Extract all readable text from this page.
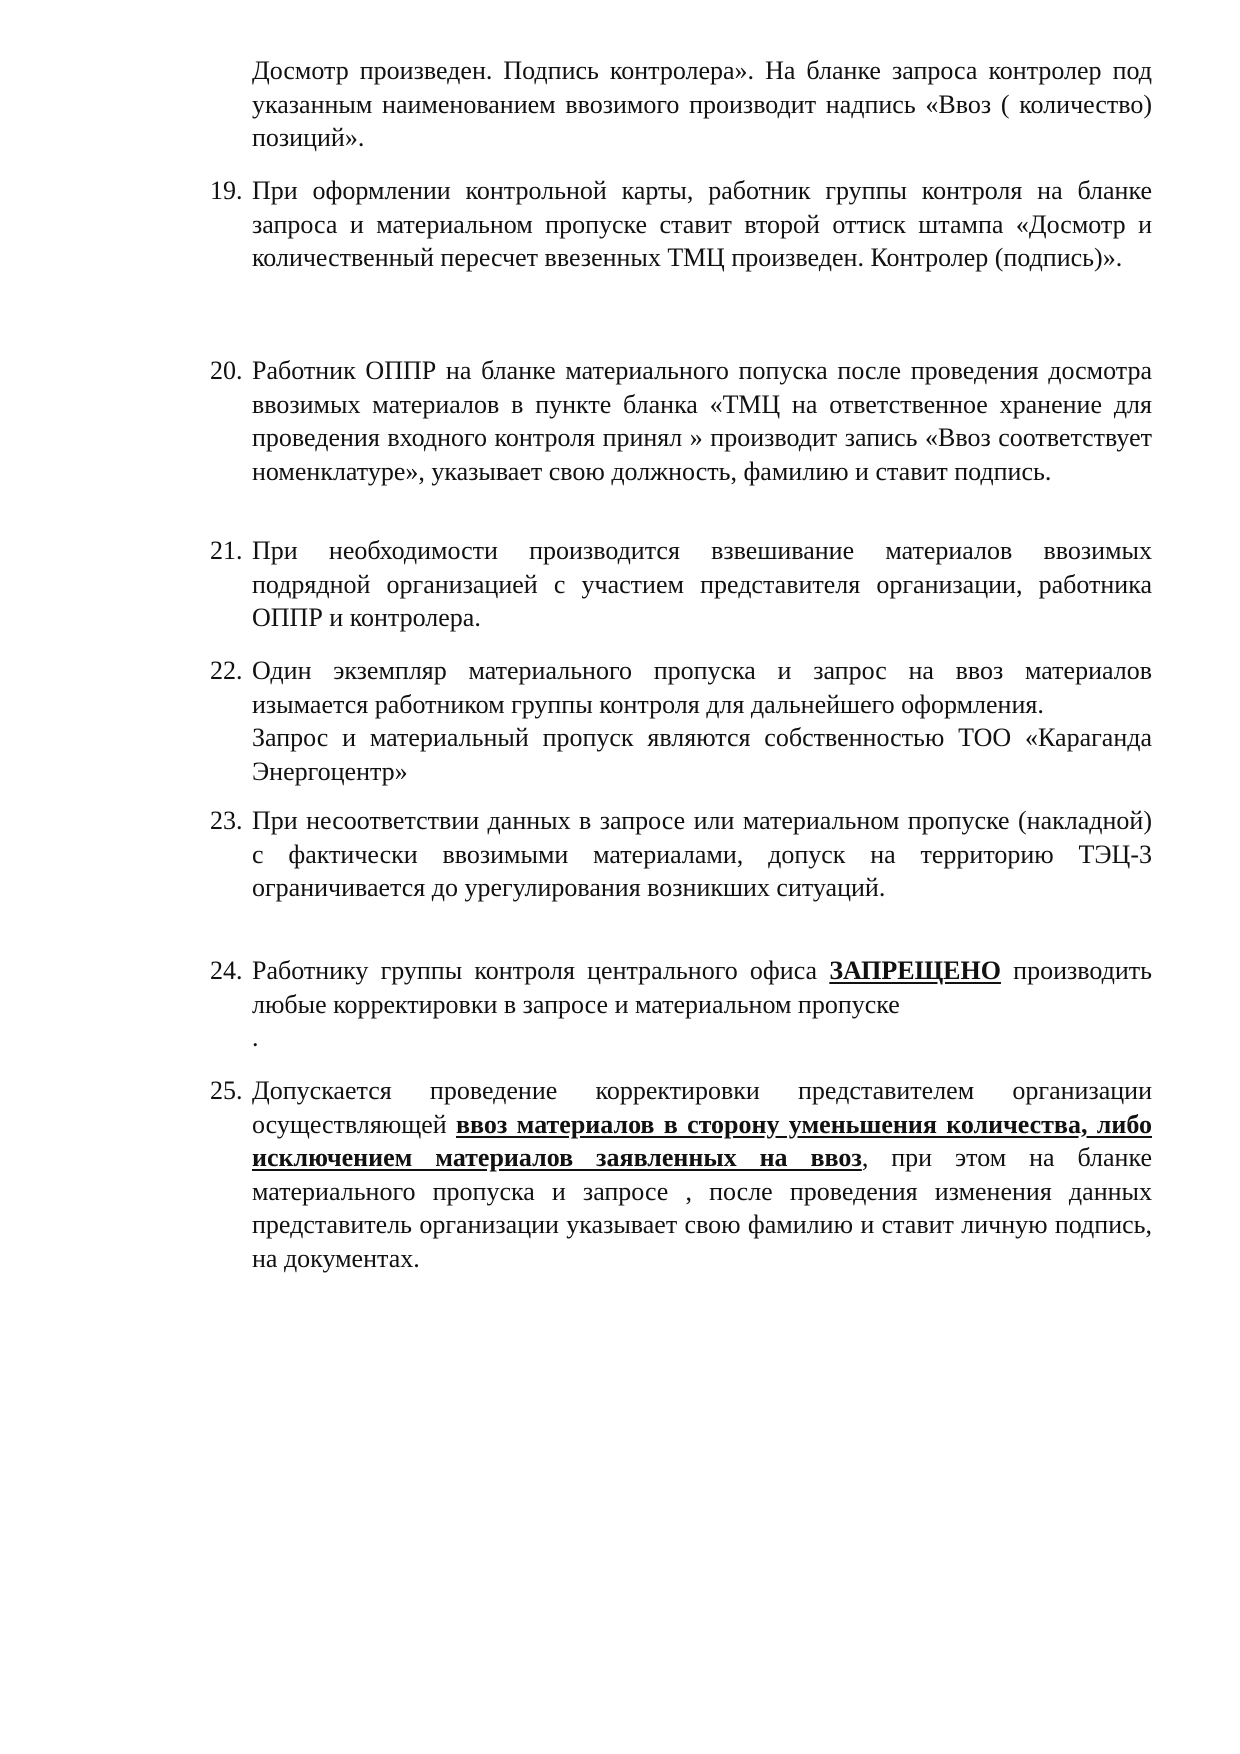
Досмотр произведен. Подпись контролера». На бланке запроса контролер под указанным наименованием ввозимого производит надпись «Ввоз ( количество) позиций».

19. При оформлении контрольной карты, работник группы контроля на бланке запроса и материальном пропуске ставит второй оттиск штампа «Досмотр и количественный пересчет ввезенных ТМЦ произведен. Контролер (подпись)».

20. Работник ОППР на бланке материального попуска после проведения досмотра ввозимых материалов в пункте бланка «ТМЦ на ответственное хранение для проведения входного контроля принял » производит запись «Ввоз соответствует номенклатуре», указывает свою должность, фамилию и ставит подпись.

21. При необходимости производится взвешивание материалов ввозимых подрядной организацией с участием представителя организации, работника ОППР и контролера.

22. Один экземпляр материального пропуска и запрос на ввоз материалов изымается работником группы контроля для дальнейшего оформления.

Запрос и материальный пропуск являются собственностью ТОО «Караганда Энергоцентр»

23. При несоответствии данных в запросе или материальном пропуске (накладной) с фактически ввозимыми материалами, допуск на территорию ТЭЦ-3 ограничивается до урегулирования возникших ситуаций.

24. Работнику группы контроля центрального офиса ЗАПРЕЩЕНО производить любые корректировки в запросе и материальном пропуске

.

25. Допускается проведение корректировки представителем организации осуществляющей ввоз материалов в сторону уменьшения количества, либо исключением материалов заявленных на ввоз, при этом на бланке материального пропуска и запросе , после проведения изменения данных представитель организации указывает свою фамилию и ставит личную подпись, на документах.
